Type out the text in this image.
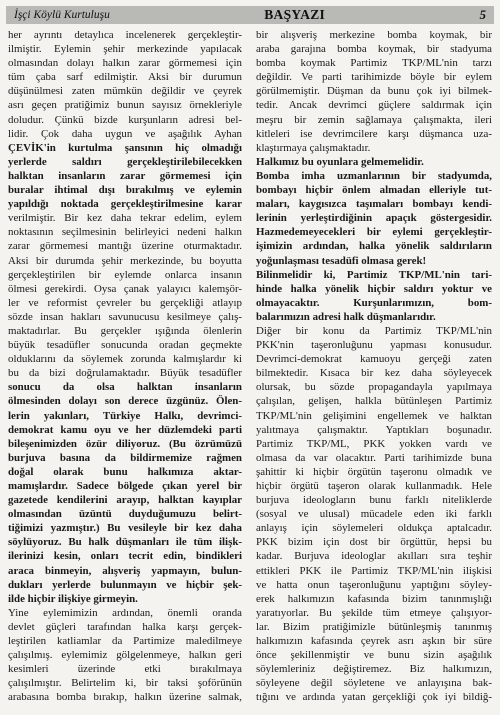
İşçi Köylü Kurtuluşu	BAŞYAZI	5
her ayrıntı detaylıca incelenerek gerçekleştir-
ilmiştir. Eylemin şehir merkezinde yapılacak
olmasından dolayı halkın zarar görmemesi için
tüm çaba sarf edilmiştir. Aksi bir durumun
düşünülmesi zaten mümkün değildir ve çeyrek
asrı geçen pratiğimiz bunun sayısız örnekleriyle
doludur. Çünkü bizde kurşunların adresi bel-
lidir. Çok daha uygun ve aşağılık Ayhan
ÇEVİK'in kurtulma şansının hiç olmadığı
yerlerde saldırı gerçekleştirilebilecekken
halktan insanların zarar görmemesi için
buralar ihtimal dışı bırakılmış ve eylemin
yapıldığı noktada gerçekleştirilmesine karar
verilmiştir. Bir kez daha tekrar edelim, eylem
noktasının seçilmesinin belirleyici nedeni halkın
zarar görmemesi mantığı üzerine oturmaktadır.
Aksi bir durumda şehir merkezinde, bu boyutta
gerçekleştirilen bir eylemde onlarca insanın
ölmesi gerekirdi. Oysa çanak yalayıcı kalemşör-
ler ve reformist çevreler bu gerçekliği atlayıp
sözde insan hakları savunucusu kesilmeye çalış-
maktadırlar. Bu gerçekler ışığında ölenlerin
büyük tesadüfler sonucunda oradan geçmekte
olduklarını da söylemek zorunda kalmışlardır ki
bu da bizi doğrulamaktadır. Büyük tesadüfler
sonucu da olsa halktan insanların
ölmesinden dolayı son derece üzgünüz. Ölen-
lerin yakınları, Türkiye Halkı, devrimci-
demokrat kamu oyu ve her düzlemdeki parti
bileşenimizden özür diliyoruz. (Bu özrümüzü
burjuva basına da bildirmemize rağmen
doğal olarak bunu halkımıza aktar-
mamışlardır. Sadece bölgede çıkan yerel bir
gazetede kendilerini arayıp, halktan kayıplar
olmasından üzüntü duyduğumuzu belirt-
tiğimizi yazmıştır.) Bu vesileyle bir kez daha
söylüyoruz. Bu halk düşmanları ile tüm ilişk-
ilerinizi kesin, onları tecrit edin, bindikleri
araca binmeyin, alışveriş yapmayın, bulun-
dukları yerlerde bulunmayın ve hiçbir şek-
ilde hiçbir ilişkiye girmeyin.
Yine eylemimizin ardından, önemli oranda
devlet güçleri tarafından halka karşı gerçek-
leştirilen katliamlar da Partimize maledilmeye
çalışılmış. eylemimiz gölgelenmeye, halkın geri
kesimleri üzerinde etki bırakılmaya
çalışılmıştır. Belirtelim ki, bir taksi şoförünün
arabasına bomba bırakıp, halkın üzerine salmak,
bir alışveriş merkezine bomba koymak, bir
araba garajına bomba koymak, bir stadyuma
bomba koymak Partimiz TKP/ML'nin tarzı
değildir. Ve parti tarihimizde böyle bir eylem
görülmemiştir. Düşman da bunu çok iyi bilmek-
tedir. Ancak devrimci güçlere saldırmak için
meşru bir zemin sağlamaya çalışmakta, ileri
kitleleri ise devrimcilere karşı düşmanca uza-
klaştırmaya çalışmaktadır.
Halkımız bu oyunlara gelmemelidir.
Bomba imha uzmanlarının bir stadyumda,
bombayı hiçbir önlem almadan elleriyle tut-
maları, kaygısızca taşımaları bombayı kendi-
lerinin yerleştirdiğinin apaçık göstergesidir.
Hazmedemeyecekleri bir eylemi gerçekleştir-
işimizin ardından, halka yönelik saldırıların
yoğunlaşması tesadüfi olmasa gerek!
Bilinmelidir ki, Partimiz TKP/ML'nin tari-
hinde halka yönelik hiçbir saldırı yoktur ve
olmayacaktır. Kurşunlarımızın, bom-
balarımızın adresi halk düşmanlarıdır.
Diğer bir konu da Partimiz TKP/ML'nin
PKK'nin taşeronluğunu yapması konusudur.
Devrimci-demokrat kamuoyu gerçeği zaten
bilmektedir. Kısaca bir kez daha söyleyecek
olursak, bu sözde propagandayla yapılmaya
çalışılan, gelişen, halkla bütünleşen Partimiz
TKP/ML'nin gelişimini engellemek ve halktan
yalıtmaya çalışmaktır. Yaptıkları boşunadır.
Partimiz TKP/ML, PKK yokken vardı ve
olmasa da var olacaktır. Parti tarihimizde buna
şahittir ki hiçbir örgütün taşeronu olmadık ve
hiçbir örgütü taşeron olarak kullanmadık. Hele
burjuva ideologların bunu farklı niteliklerde
(sosyal ve ulusal) mücadele eden iki farklı
anlayış için söylemeleri oldukça aptalcadır.
PKK bizim için dost bir örgüttür, hepsi bu
kadar. Burjuva ideologlar akılları sıra teşhir
ettikleri PKK ile Partimiz TKP/ML'nin ilişkisi
ve hatta onun taşeronluğunu yaptığını söyley-
erek halkımızın kafasında bizim tanınmışlığı
yaratıyorlar. Bu şekilde tüm etmeye çalışıyor-
lar. Bizim pratiğimizle bütünleşmiş tanınmış
halkımızın kafasında çeyrek asrı aşkın bir süre
önce şekillenmiştir ve bunu sizin aşağılık
söylemleriniz değiştiremez. Biz halkımızın,
söyleyene değil söyletene ve anlayışına bak-
tığını ve ardında yatan gerçekliği çok iyi bildiğ-
